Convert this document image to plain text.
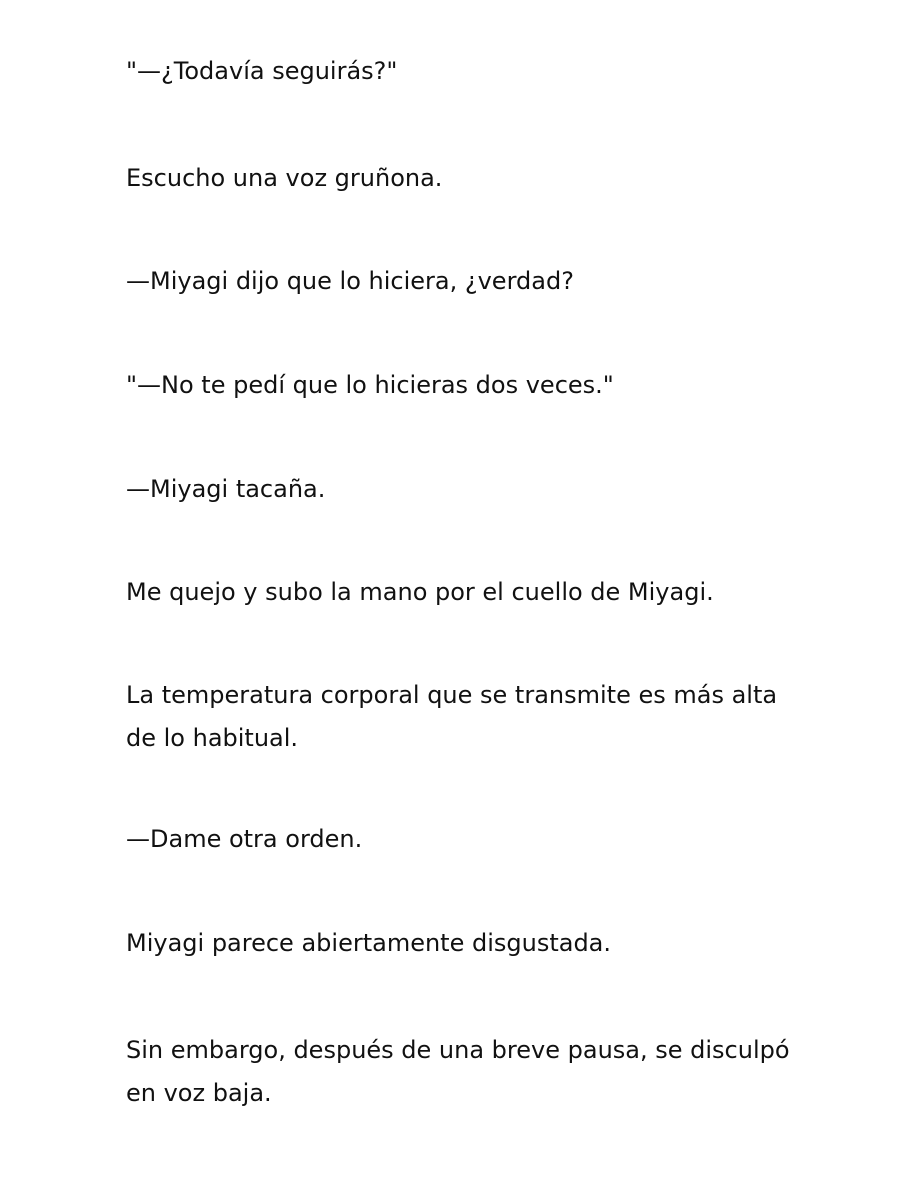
"—¿Todavía seguirás?"

Escucho una voz gruñona.

—Miyagi dijo que lo hiciera, ¿verdad?

"—No te pedí que lo hicieras dos veces."

—Miyagi tacaña.

Me quejo y subo la mano por el cuello de Miyagi.

La temperatura corporal que se transmite es más alta
de lo habitual.

—Dame otra orden.

Miyagi parece abiertamente disgustada.

Sin embargo, después de una breve pausa, se disculpó
en voz baja.
